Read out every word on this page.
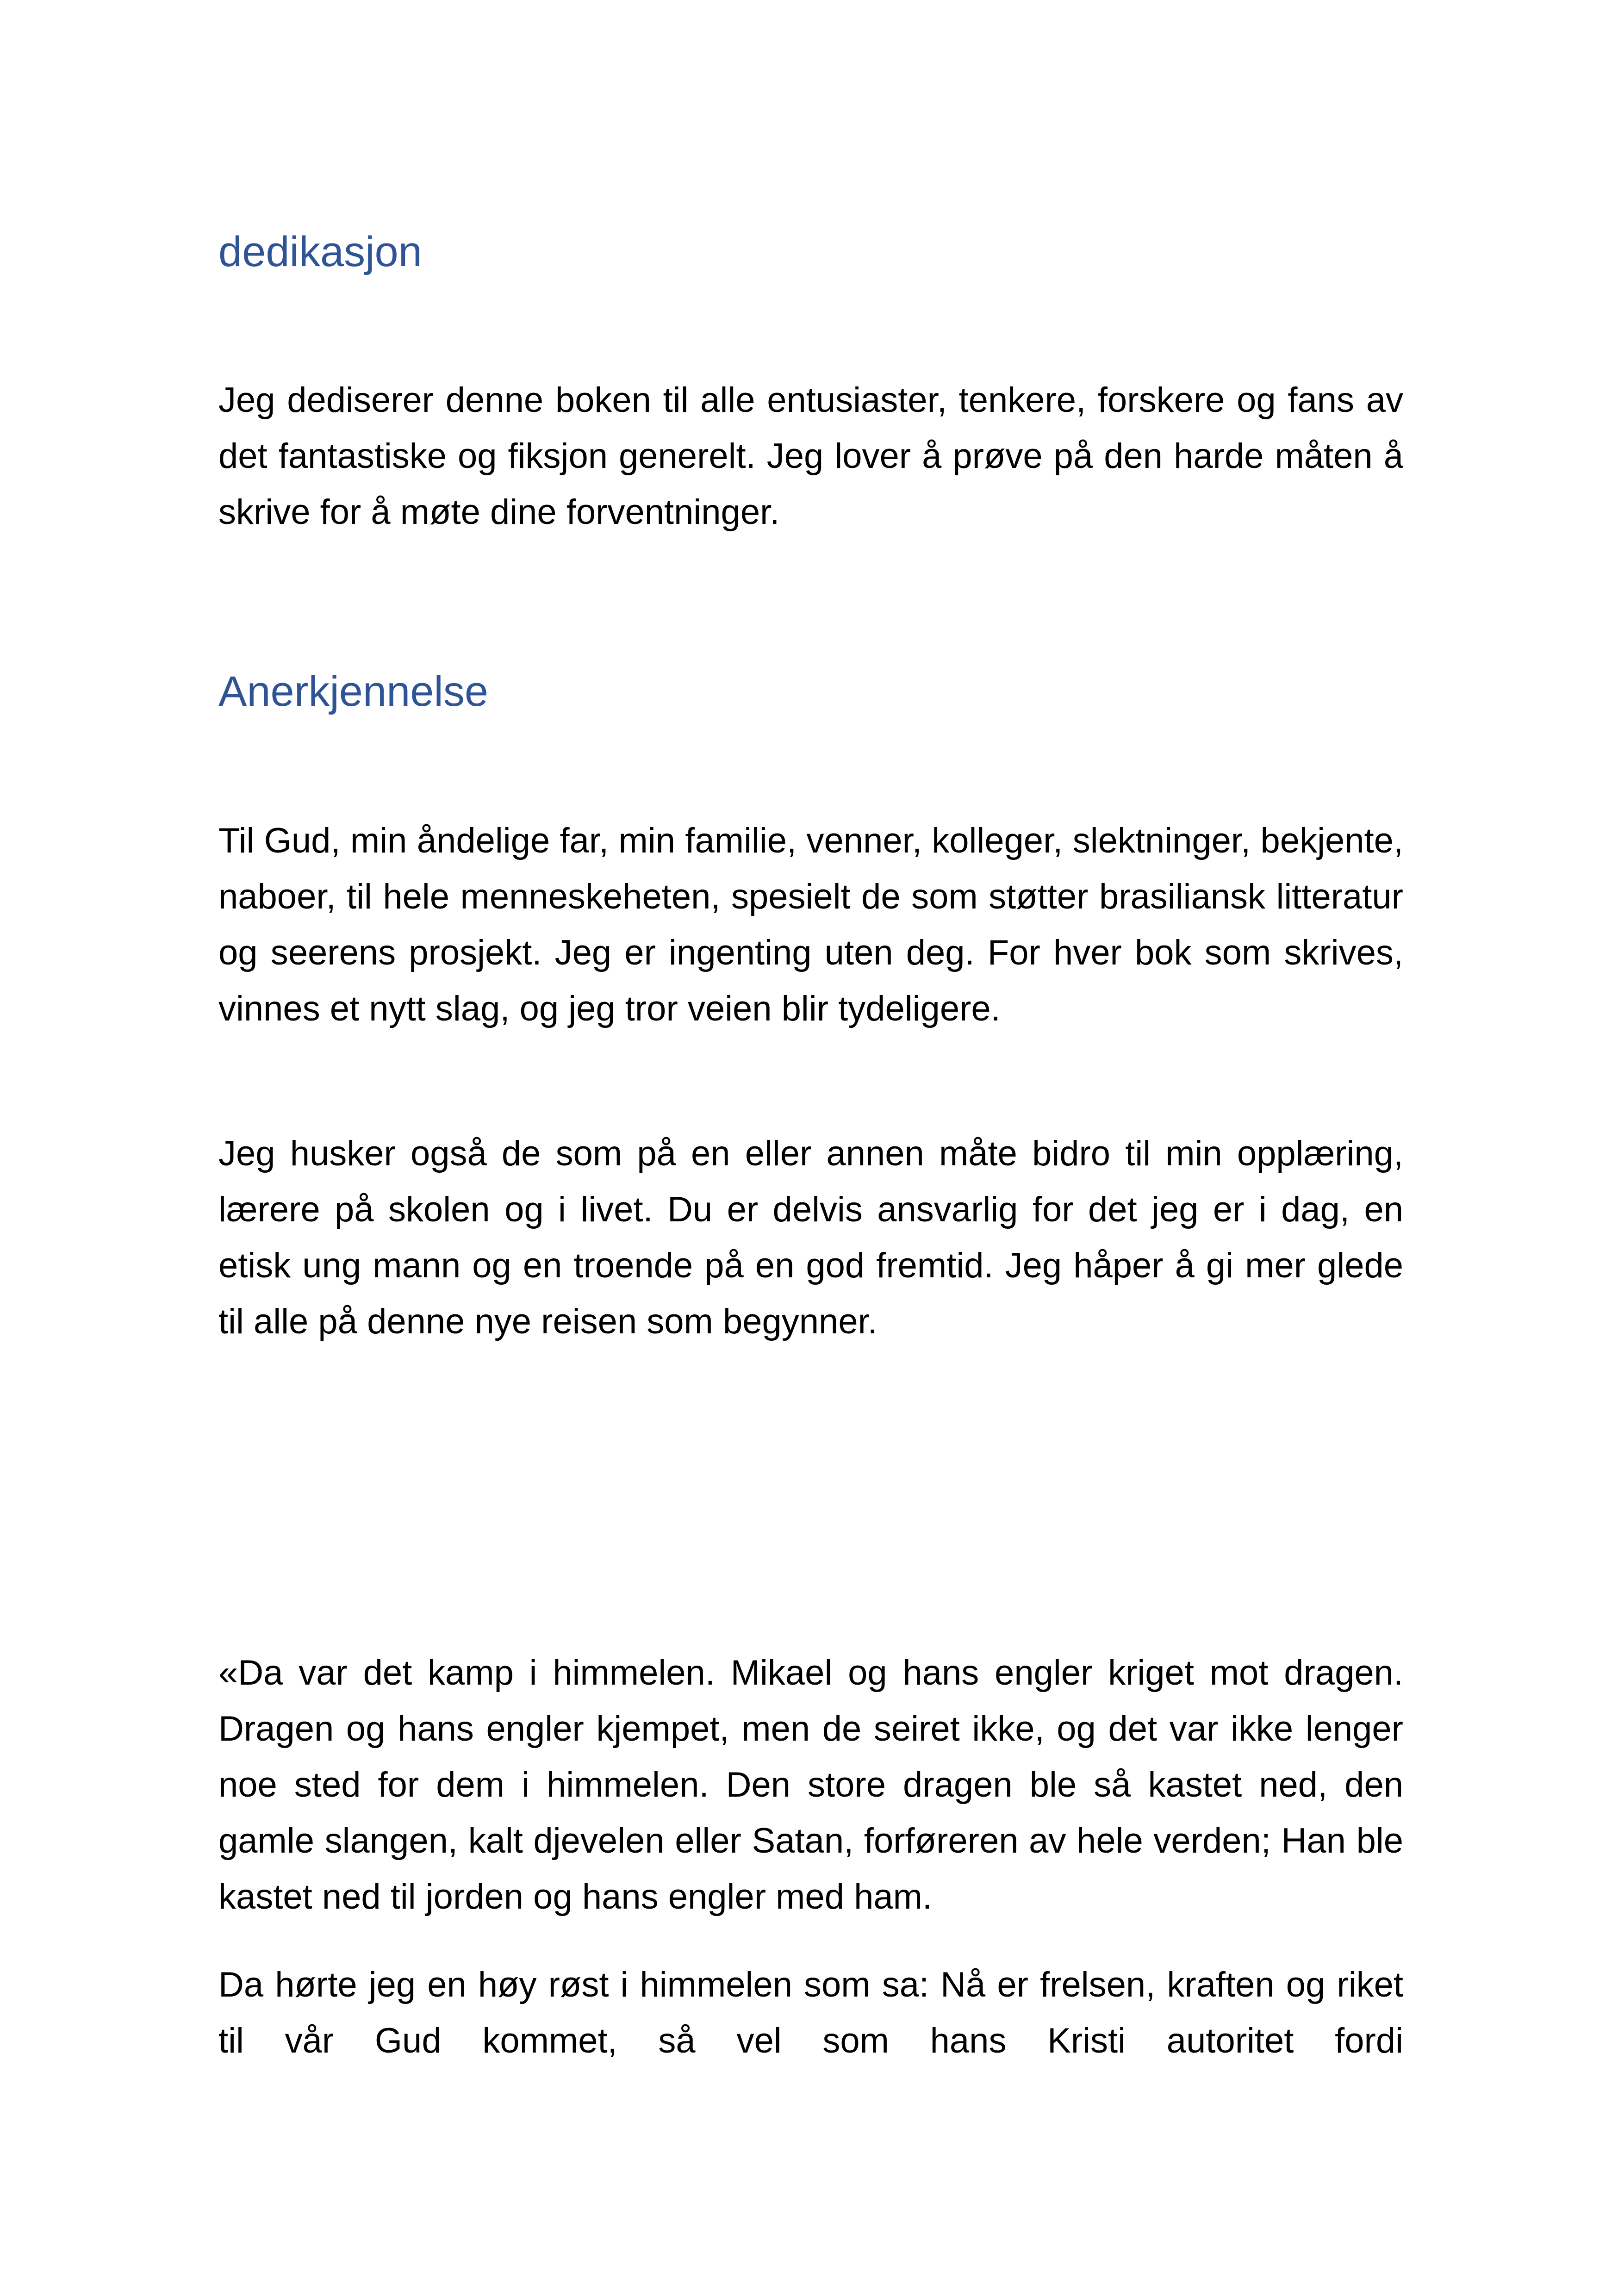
dedikasjon

Jeg dediserer denne boken til alle entusiaster, tenkere, forskere og fans av det fantastiske og fiksjon generelt. Jeg lover å prøve på den harde måten å skrive for å møte dine forventninger.

Anerkjennelse

Til Gud, min åndelige far, min familie, venner, kolleger, slektninger, bekjente, naboer, til hele menneskeheten, spesielt de som støtter brasiliansk litteratur og seerens prosjekt. Jeg er ingenting uten deg. For hver bok som skrives, vinnes et nytt slag, og jeg tror veien blir tydeligere.

Jeg husker også de som på en eller annen måte bidro til min opplæring, lærere på skolen og i livet. Du er delvis ansvarlig for det jeg er i dag, en etisk ung mann og en troende på en god fremtid. Jeg håper å gi mer glede til alle på denne nye reisen som begynner.

«Da var det kamp i himmelen. Mikael og hans engler kriget mot dragen. Dragen og hans engler kjempet, men de seiret ikke, og det var ikke lenger noe sted for dem i himmelen. Den store dragen ble så kastet ned, den gamle slangen, kalt djevelen eller Satan, forføreren av hele verden; Han ble kastet ned til jorden og hans engler med ham.

Da hørte jeg en høy røst i himmelen som sa: Nå er frelsen, kraften og riket til vår Gud kommet, så vel som hans Kristi autoritet fordi
